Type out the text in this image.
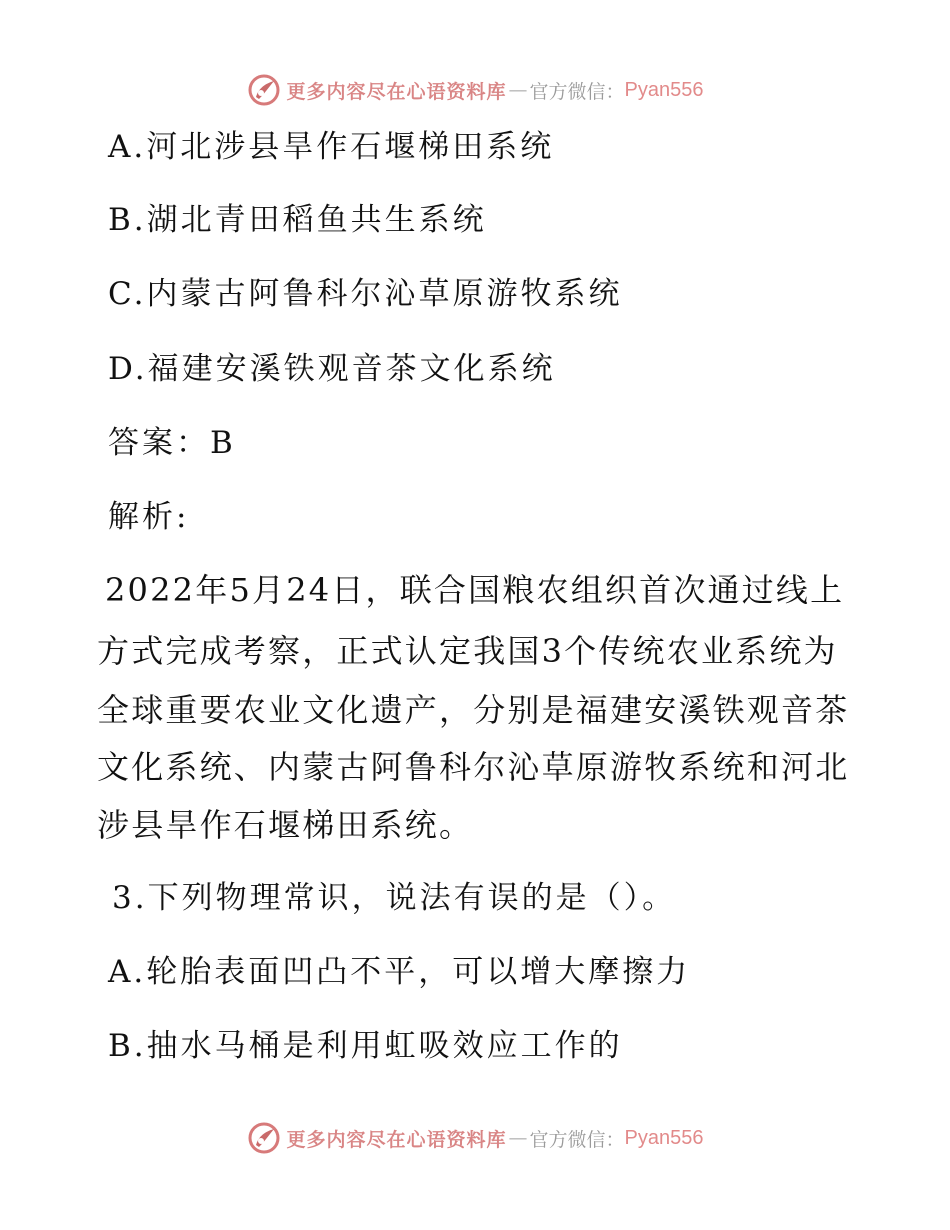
更多内容尽在心语资料库 — 官方微信： Pyan556
A.河北涉县旱作石堰梯田系统
B.湖北青田稻鱼共生系统
C.内蒙古阿鲁科尔沁草原游牧系统
D.福建安溪铁观音茶文化系统
答案：B
解析:
2022年5月24日，联合国粮农组织首次通过线上
方式完成考察，正式认定我国3个传统农业系统为
全球重要农业文化遗产，分别是福建安溪铁观音茶
文化系统、内蒙古阿鲁科尔沁草原游牧系统和河北
涉县旱作石堰梯田系统。
3.下列物理常识，说法有误的是（）。
A.轮胎表面凹凸不平，可以增大摩擦力
B.抽水马桶是利用虹吸效应工作的
更多内容尽在心语资料库 — 官方微信： Pyan556
